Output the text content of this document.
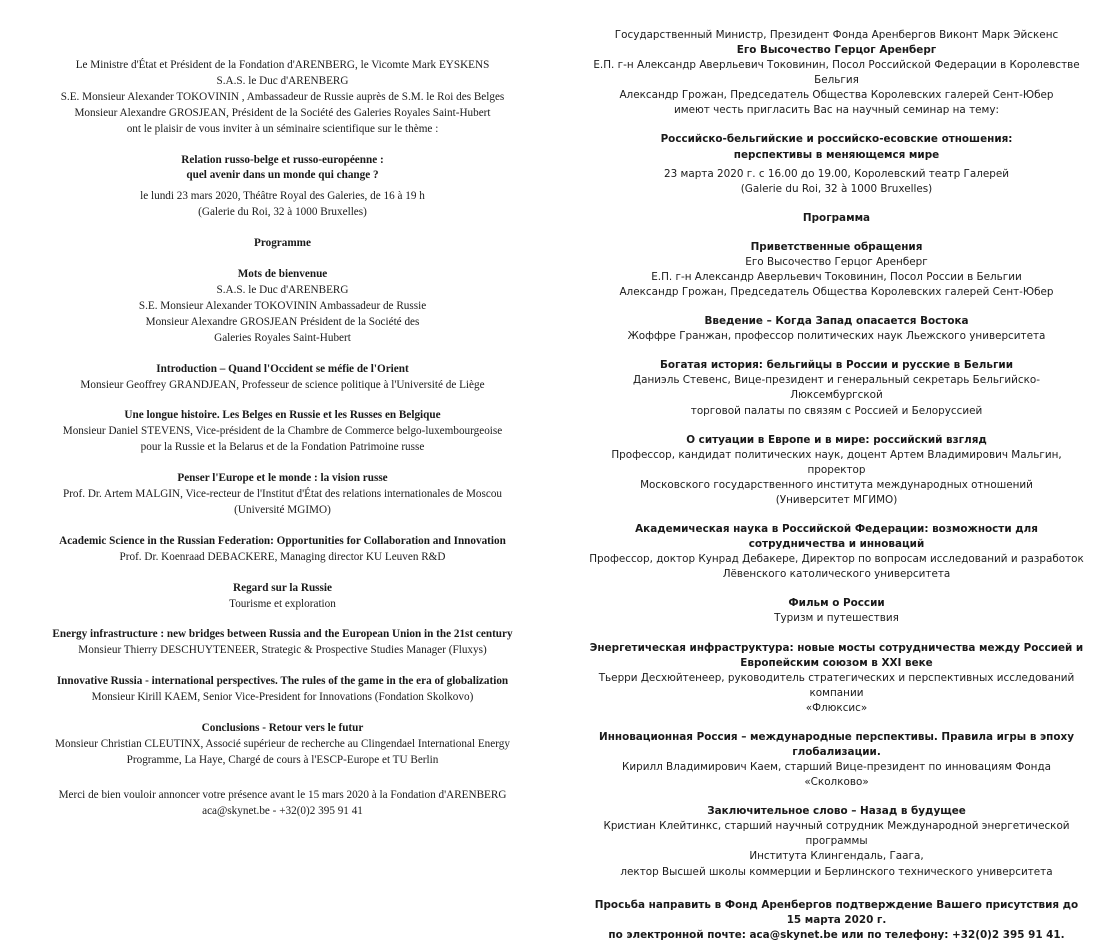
Le Ministre d'État et Président de la Fondation d'ARENBERG, le Vicomte Mark EYSKENS

S.A.S. le Duc d'ARENBERG

S.E. Monsieur Alexander TOKOVININ , Ambassadeur de Russie auprès de S.M. le Roi des Belges

Monsieur Alexandre GROSJEAN, Président de la Société des Galeries Royales Saint-Hubert

ont le plaisir de vous inviter à un séminaire scientifique sur le thème :

Relation russo-belge et russo-européenne :

quel avenir dans un monde qui change ?

le lundi 23 mars 2020, Théâtre Royal des Galeries, de 16 à 19 h

(Galerie du Roi, 32 à 1000 Bruxelles)

Programme

Mots de bienvenue

S.A.S. le Duc d'ARENBERG

S.E. Monsieur Alexander TOKOVININ Ambassadeur de Russie

Monsieur Alexandre GROSJEAN Président de la Société des

Galeries Royales Saint-Hubert

Introduction – Quand l'Occident se méfie de l'Orient

Monsieur Geoffrey GRANDJEAN, Professeur de science politique à l'Université de Liège

Une longue histoire. Les Belges en Russie et les Russes en Belgique

Monsieur Daniel STEVENS, Vice-président de la Chambre de Commerce belgo-luxembourgeoise

pour la Russie et la Belarus et de la Fondation Patrimoine russe

Penser l'Europe et le monde : la vision russe

Prof. Dr. Artem MALGIN, Vice-recteur de l'Institut d'État des relations internationales de Moscou

(Université MGIMO)

Academic Science in the Russian Federation: Opportunities for Collaboration and Innovation

Prof. Dr. Koenraad DEBACKERE, Managing director KU Leuven R&D

Regard sur la Russie

Tourisme et exploration

Energy infrastructure : new bridges between Russia and the European Union in the 21st century

Monsieur Thierry DESCHUYTENEER, Strategic & Prospective Studies Manager (Fluxys)

Innovative Russia - international perspectives. The rules of the game in the era of globalization

Monsieur Kirill KAEM, Senior Vice-President for Innovations (Fondation Skolkovo)

Conclusions - Retour vers le futur

Monsieur Christian CLEUTINX, Associé supérieur de recherche au Clingendael International Energy

Programme, La Haye, Chargé de cours à l'ESCP-Europe et TU Berlin

Merci de bien vouloir annoncer votre présence avant le 15 mars 2020 à la Fondation d'ARENBERG

aca@skynet.be - +32(0)2 395 91 41

Государственный Министр, Президент Фонда Аренбергов Виконт Марк Эйскенс

Его Высочество Герцог Аренберг

Е.П. г-н Александр Аверльевич Токовинин, Посол Российской Федерации в Королевстве Бельгия

Александр Грожан, Председатель Общества Королевских галерей Сент-Юбер

имеют честь пригласить Вас на научный семинар на тему:

Российско-бельгийские и российско-есовские отношения:

перспективы в меняющемся мире

23 марта 2020 г. с 16.00 до 19.00, Королевский театр Галерей

(Galerie du Roi, 32 à 1000 Bruxelles)

Программа

Приветственные обращения

Его Высочество Герцог Аренберг

Е.П. г-н Александр Аверльевич Токовинин, Посол России в Бельгии

Александр Грожан, Председатель Общества Королевских галерей Сент-Юбер

Введение – Когда Запад опасается Востока

Жоффре Гранжан, профессор политических наук Льежского университета

Богатая история: бельгийцы в России и русские в Бельгии

Даниэль Стевенс, Вице-президент и генеральный секретарь Бельгийско-Люксембургской

торговой палаты по связям с Россией и Белоруссией

О ситуации в Европе и в мире: российский взгляд

Профессор, кандидат политических наук, доцент Артем Владимирович Мальгин, проректор

Московского государственного института международных отношений

(Университет МГИМО)

Академическая наука в Российской Федерации: возможности для сотрудничества и инноваций

Профессор, доктор Кунрад Дебакере, Директор по вопросам исследований и разработок

Лёвенского католического университета

Фильм о России

Туризм и путешествия

Энергетическая инфраструктура: новые мосты сотрудничества между Россией и Европейским союзом в XXI веке

Тьерри Десхюйтенеер, руководитель стратегических и перспективных исследований компании

«Флюксис»

Инновационная Россия – международные перспективы. Правила игры в эпоху глобализации.

Кирилл Владимирович Каем, старший Вице-президент по инновациям Фонда «Сколково»

Заключительное слово – Назад в будущее

Кристиан Клейтинкс, старший научный сотрудник Международной энергетической программы

Института Клингендаль, Гаага,

лектор Высшей школы коммерции и Берлинского технического университета

Просьба направить в Фонд Аренбергов подтверждение Вашего присутствия до 15 марта 2020 г.

по электронной почте: aca@skynet.be или по телефону: +32(0)2 395 91 41.
